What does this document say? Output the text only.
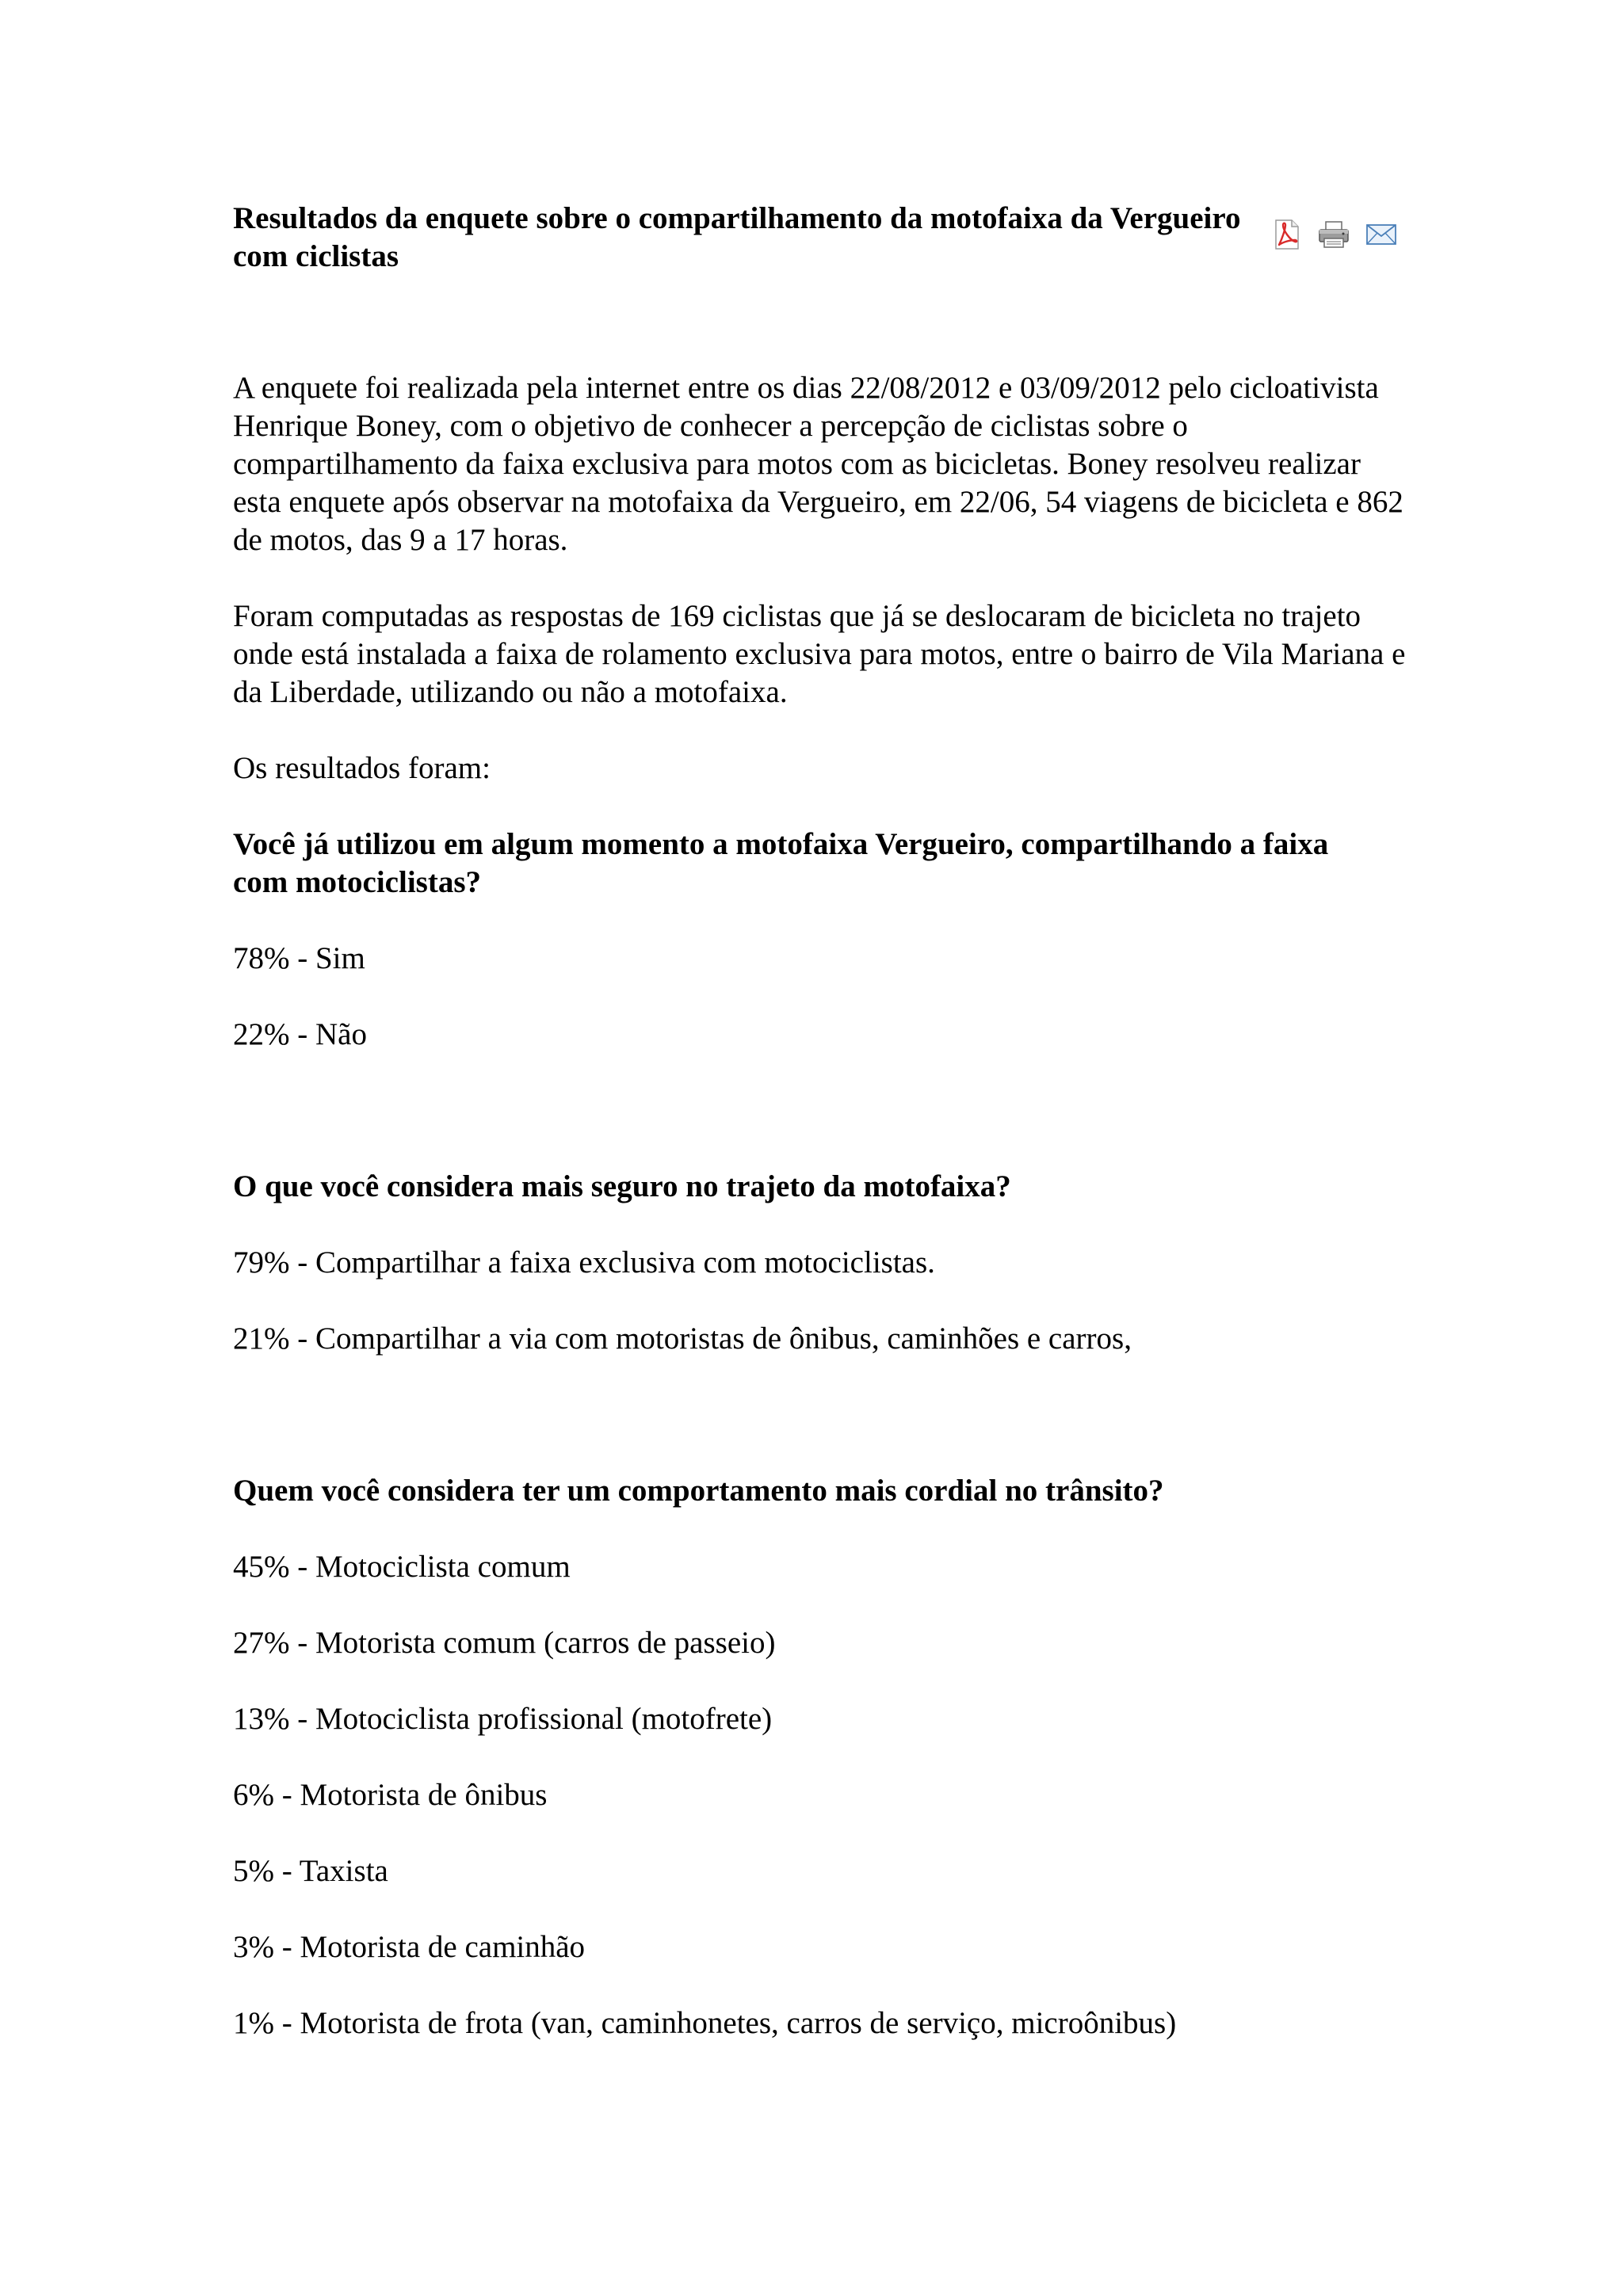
Resultados da enquete sobre o compartilhamento da motofaixa da Vergueiro com ciclistas

A enquete foi realizada pela internet entre os dias 22/08/2012 e 03/09/2012 pelo cicloativista Henrique Boney, com o objetivo de conhecer a percepção de ciclistas sobre o compartilhamento da faixa exclusiva para motos com as bicicletas. Boney resolveu realizar esta enquete após observar na motofaixa da Vergueiro, em 22/06, 54 viagens de bicicleta e 862 de motos, das 9 a 17 horas.

Foram computadas as respostas de 169 ciclistas que já se deslocaram de bicicleta no trajeto onde está instalada a faixa de rolamento exclusiva para motos, entre o bairro de Vila Mariana e da Liberdade, utilizando ou não a motofaixa.

Os resultados foram:

Você já utilizou em algum momento a motofaixa Vergueiro, compartilhando a faixa com motociclistas?

78% - Sim

22% - Não

O que você considera mais seguro no trajeto da motofaixa?

79% - Compartilhar a faixa exclusiva com motociclistas.

21% - Compartilhar a via com motoristas de ônibus, caminhões e carros,

Quem você considera ter um comportamento mais cordial no trânsito?

45% - Motociclista comum

27% - Motorista comum (carros de passeio)

13% - Motociclista profissional (motofrete)

6% - Motorista de ônibus

5% - Taxista

3% - Motorista de caminhão

1% - Motorista de frota (van, caminhonetes, carros de serviço, microônibus)
